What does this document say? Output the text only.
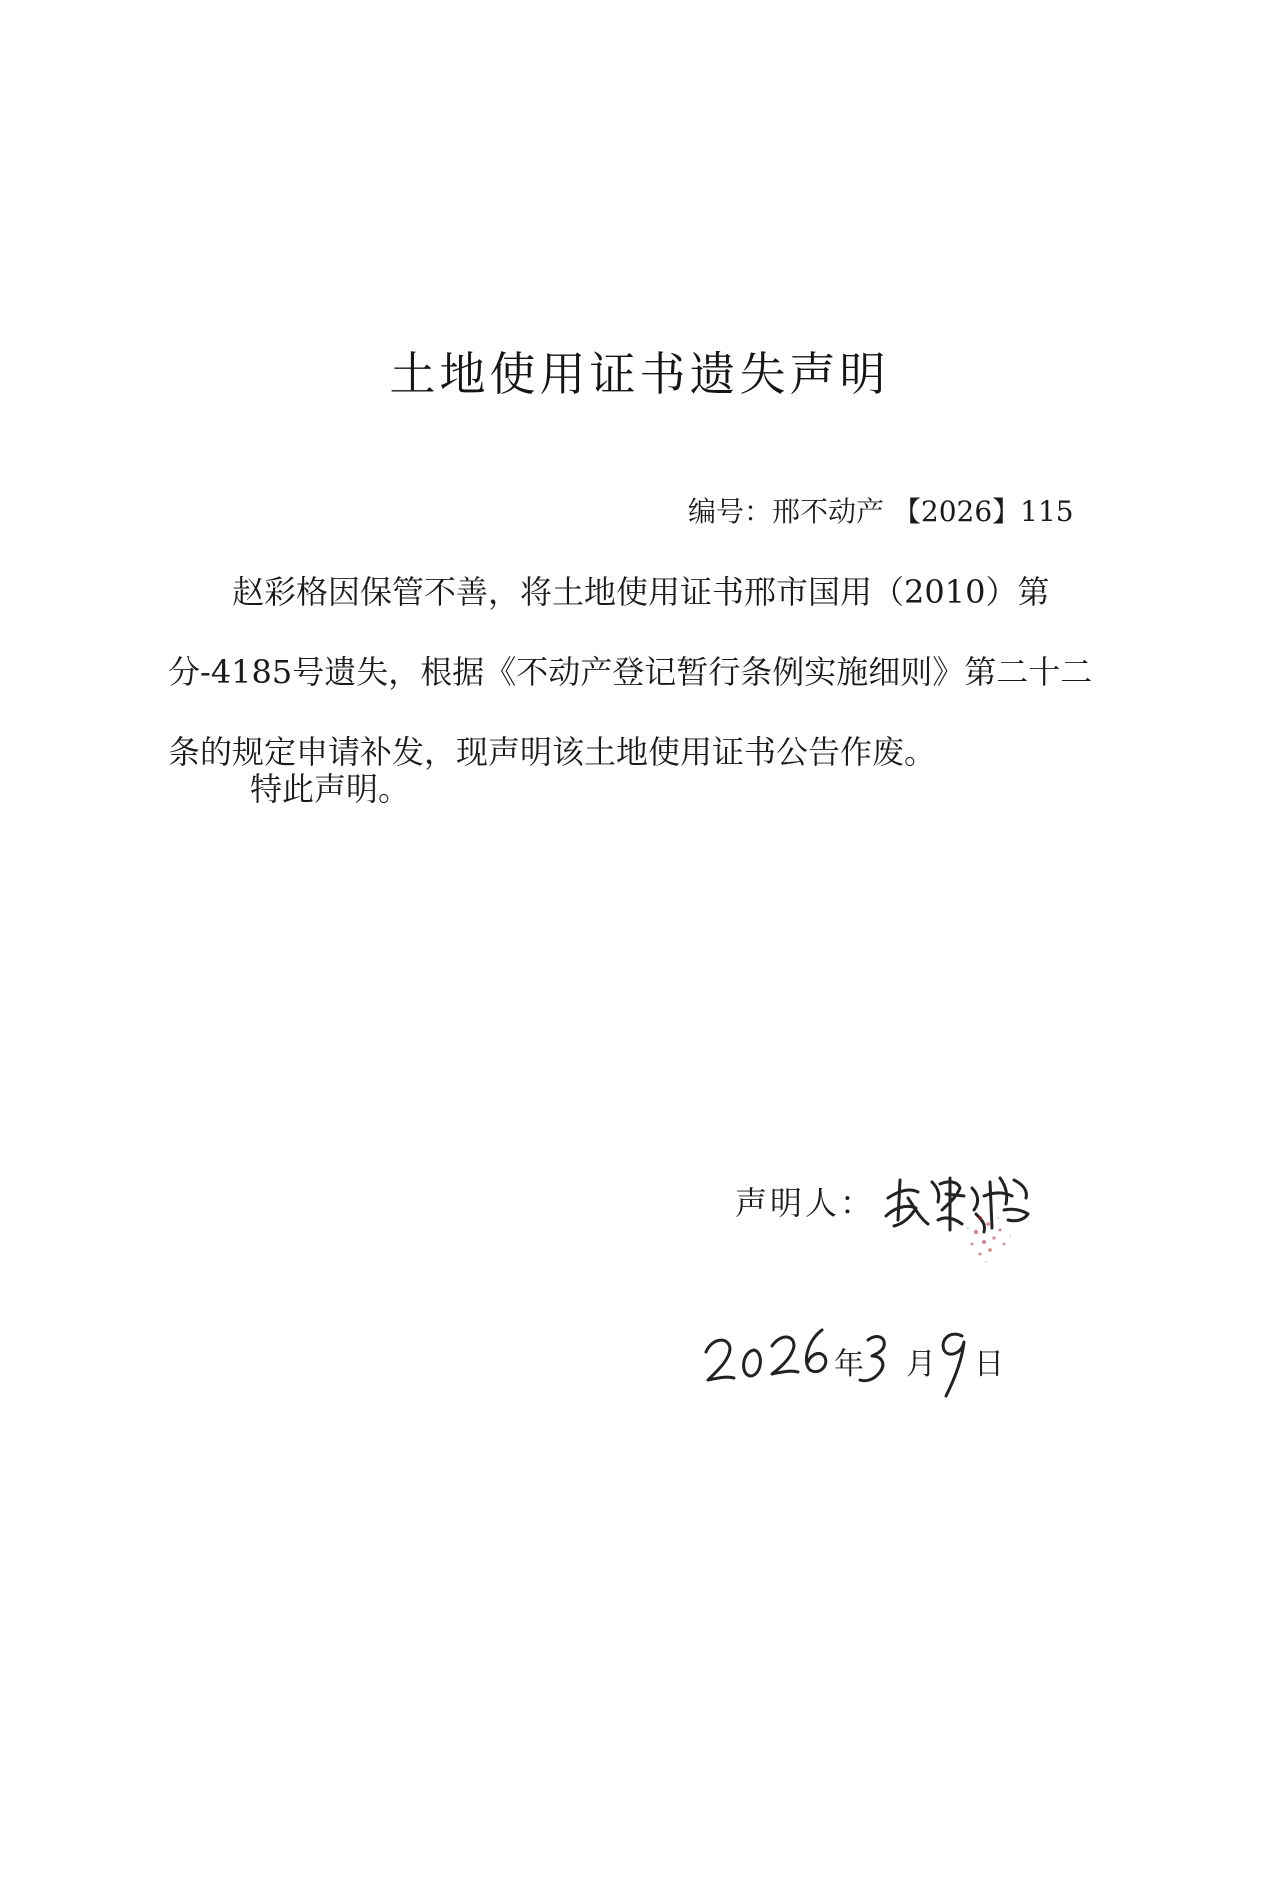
土地使用证书遗失声明
编号：邢不动产 【2026】115

赵彩格因保管不善，将土地使用证书邢市国用（2010）第分-4185号遗失，根据《不动产登记暂行条例实施细则》第二十二条的规定申请补发，现声明该土地使用证书公告作废。

特此声明。
声明人：
年 月 日
